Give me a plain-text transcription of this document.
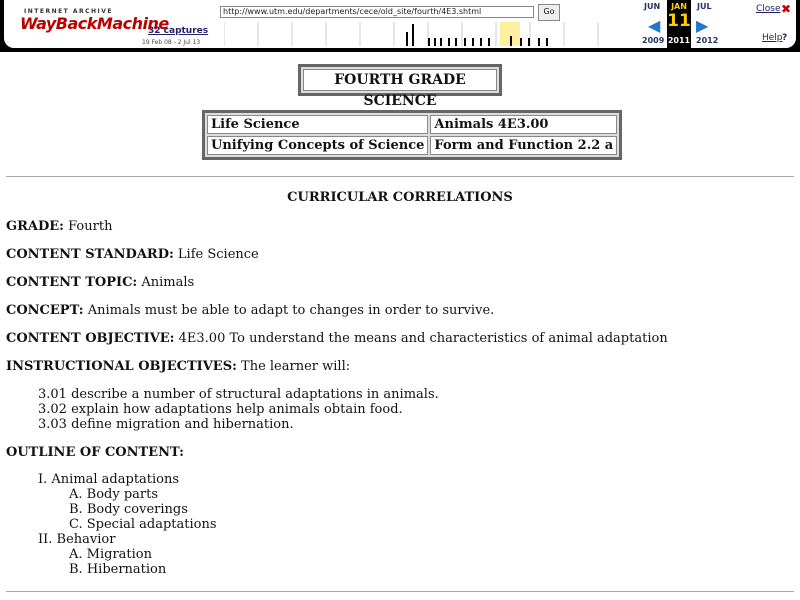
INTERNET ARCHIVE
WayBackMachine
http://www.utm.edu/departments/cece/old_site/fourth/4E3.shtml	Go
32 captures
19 Feb 08 - 2 Jul 13
JUN
◀
2009
JAN
11
2011
JUL
▶
2012
Close ✖
Help ?
FOURTH GRADE SCIENCE
Life Science	Animals 4E3.00
Unifying Concepts of Science	Form and Function 2.2 a
CURRICULAR CORRELATIONS
GRADE: Fourth
CONTENT STANDARD: Life Science
CONTENT TOPIC: Animals
CONCEPT: Animals must be able to adapt to changes in order to survive.
CONTENT OBJECTIVE: 4E3.00 To understand the means and characteristics of animal adaptation
INSTRUCTIONAL OBJECTIVES: The learner will:
3.01 describe a number of structural adaptations in animals.
3.02 explain how adaptations help animals obtain food.
3.03 define migration and hibernation.
OUTLINE OF CONTENT:
I. Animal adaptations
A. Body parts
B. Body coverings
C. Special adaptations
II. Behavior
A. Migration
B. Hibernation
